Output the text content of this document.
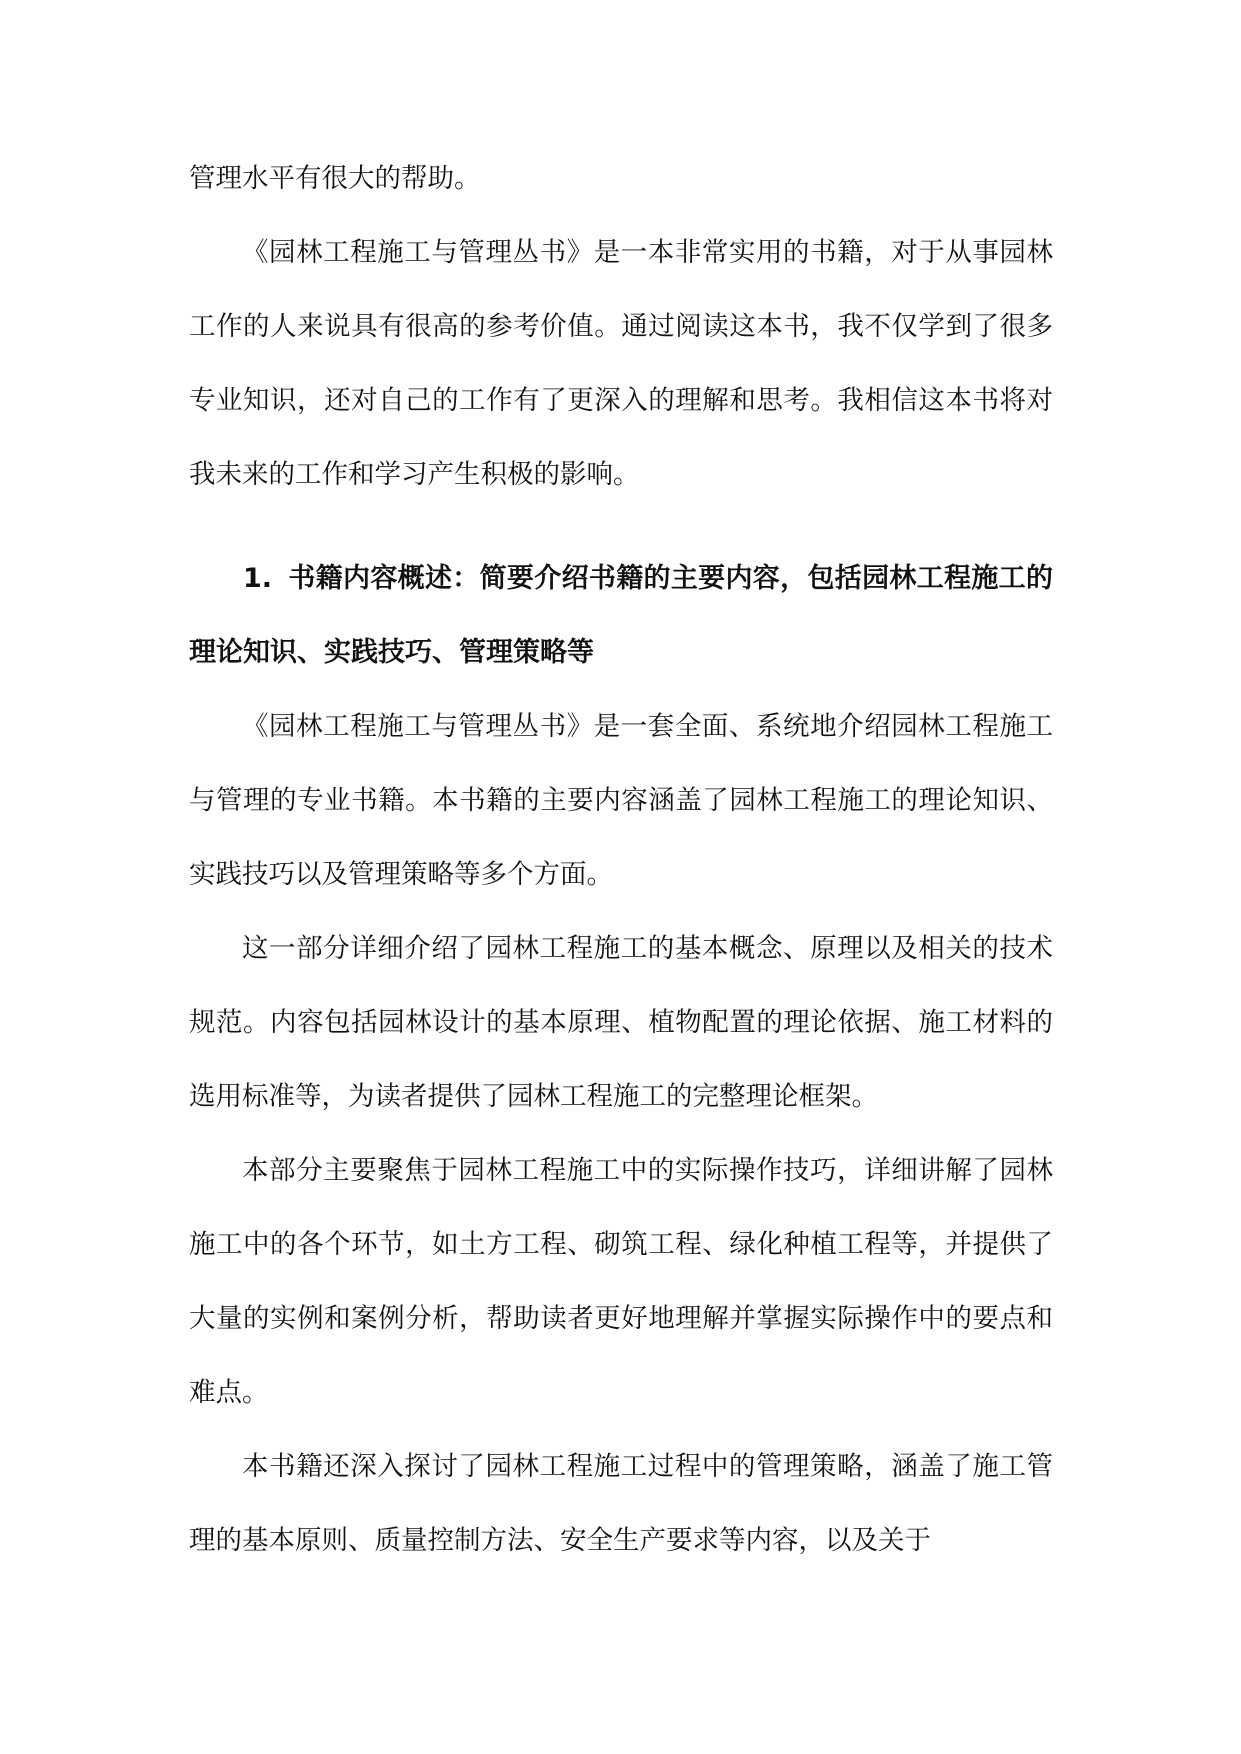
管理水平有很大的帮助。

《园林工程施工与管理丛书》是一本非常实用的书籍，对于从事园林工作的人来说具有很高的参考价值。通过阅读这本书，我不仅学到了很多专业知识，还对自己的工作有了更深入的理解和思考。我相信这本书将对我未来的工作和学习产生积极的影响。

1. 书籍内容概述：简要介绍书籍的主要内容，包括园林工程施工的理论知识、实践技巧、管理策略等

《园林工程施工与管理丛书》是一套全面、系统地介绍园林工程施工与管理的专业书籍。本书籍的主要内容涵盖了园林工程施工的理论知识、实践技巧以及管理策略等多个方面。

这一部分详细介绍了园林工程施工的基本概念、原理以及相关的技术规范。内容包括园林设计的基本原理、植物配置的理论依据、施工材料的选用标准等，为读者提供了园林工程施工的完整理论框架。

本部分主要聚焦于园林工程施工中的实际操作技巧，详细讲解了园林施工中的各个环节，如土方工程、砌筑工程、绿化种植工程等，并提供了大量的实例和案例分析，帮助读者更好地理解并掌握实际操作中的要点和难点。

本书籍还深入探讨了园林工程施工过程中的管理策略，涵盖了施工管理的基本原则、质量控制方法、安全生产要求等内容，以及关于
